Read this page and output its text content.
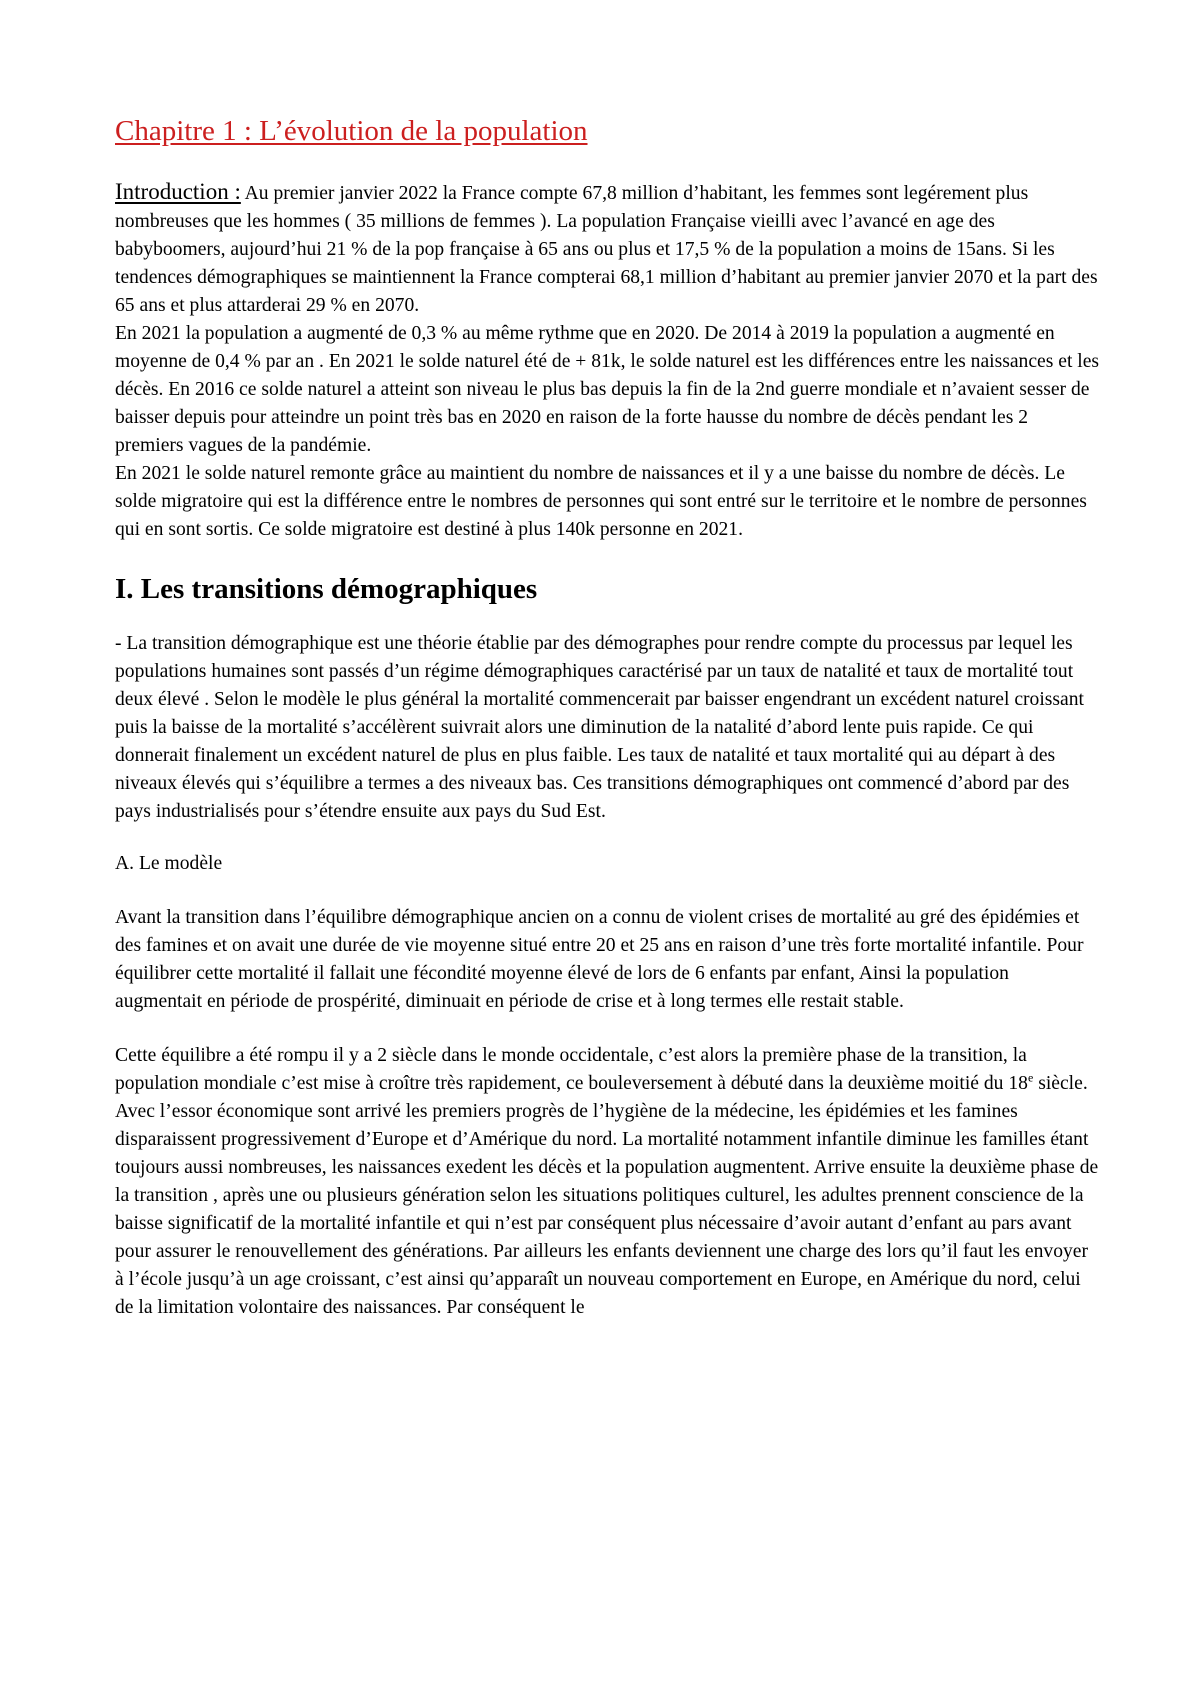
Chapitre 1 : L’évolution de la population

Introduction : Au premier janvier 2022 la France compte 67,8 million d’habitant, les femmes sont legérement plus nombreuses que les hommes ( 35 millions de femmes ). La population Française vieilli avec l’avancé en age des babyboomers, aujourd’hui 21 % de la pop française à 65 ans ou plus et 17,5 % de la population a moins de 15ans. Si les tendences démographiques se maintiennent la France compterai 68,1 million d’habitant au premier janvier 2070 et la part des 65 ans et plus attarderai 29 % en 2070.

En 2021 la population a augmenté de 0,3 % au même rythme que en 2020. De 2014 à 2019 la population a augmenté en moyenne de 0,4 % par an . En 2021 le solde naturel été de + 81k, le solde naturel est les différences entre les naissances et les décès. En 2016 ce solde naturel a atteint son niveau le plus bas depuis la fin de la 2nd guerre mondiale et n’avaient sesser de baisser depuis pour atteindre un point très bas en 2020 en raison de la forte hausse du nombre de décès pendant les 2 premiers vagues de la pandémie.

En 2021 le solde naturel remonte grâce au maintient du nombre de naissances et il y a une baisse du nombre de décès. Le solde migratoire qui est la différence entre le nombres de personnes qui sont entré sur le territoire et le nombre de personnes qui en sont sortis. Ce solde migratoire est destiné à plus 140k personne en 2021.

I. Les transitions démographiques

- La transition démographique est une théorie établie par des démographes pour rendre compte du processus par lequel les populations humaines sont passés d’un régime démographiques caractérisé par un taux de natalité et taux de mortalité tout deux élevé . Selon le modèle le plus général la mortalité commencerait par baisser engendrant un excédent naturel croissant puis la baisse de la mortalité s’accélèrent suivrait alors une diminution de la natalité d’abord lente puis rapide. Ce qui donnerait finalement un excédent naturel de plus en plus faible. Les taux de natalité et taux mortalité qui au départ à des niveaux élevés qui s’équilibre a termes a des niveaux bas. Ces transitions démographiques ont commencé d’abord par des pays industrialisés pour s’étendre ensuite aux pays du Sud Est.

A. Le modèle

Avant la transition dans l’équilibre démographique ancien on a connu de violent crises de mortalité au gré des épidémies et des famines et on avait une durée de vie moyenne situé entre 20 et 25 ans en raison d’une très forte mortalité infantile. Pour équilibrer cette mortalité il fallait une fécondité moyenne élevé de lors de 6 enfants par enfant, Ainsi la population augmentait en période de prospérité, diminuait en période de crise et à long termes elle restait stable.

Cette équilibre a été rompu il y a 2 siècle dans le monde occidentale, c’est alors la première phase de la transition, la population mondiale c’est mise à croître très rapidement, ce bouleversement à débuté dans la deuxième moitié du 18e siècle. Avec l’essor économique sont arrivé les premiers progrès de l’hygiène de la médecine, les épidémies et les famines disparaissent progressivement d’Europe et d’Amérique du nord. La mortalité notamment infantile diminue les familles étant toujours aussi nombreuses, les naissances exedent les décès et la population augmentent. Arrive ensuite la deuxième phase de la transition , après une ou plusieurs génération selon les situations politiques culturel, les adultes prennent conscience de la baisse significatif de la mortalité infantile et qui n’est par conséquent plus nécessaire d’avoir autant d’enfant au pars avant pour assurer le renouvellement des générations. Par ailleurs les enfants deviennent une charge des lors qu’il faut les envoyer à l’école jusqu’à un age croissant, c’est ainsi qu’apparaît un nouveau comportement en Europe, en Amérique du nord, celui de la limitation volontaire des naissances. Par conséquent le
